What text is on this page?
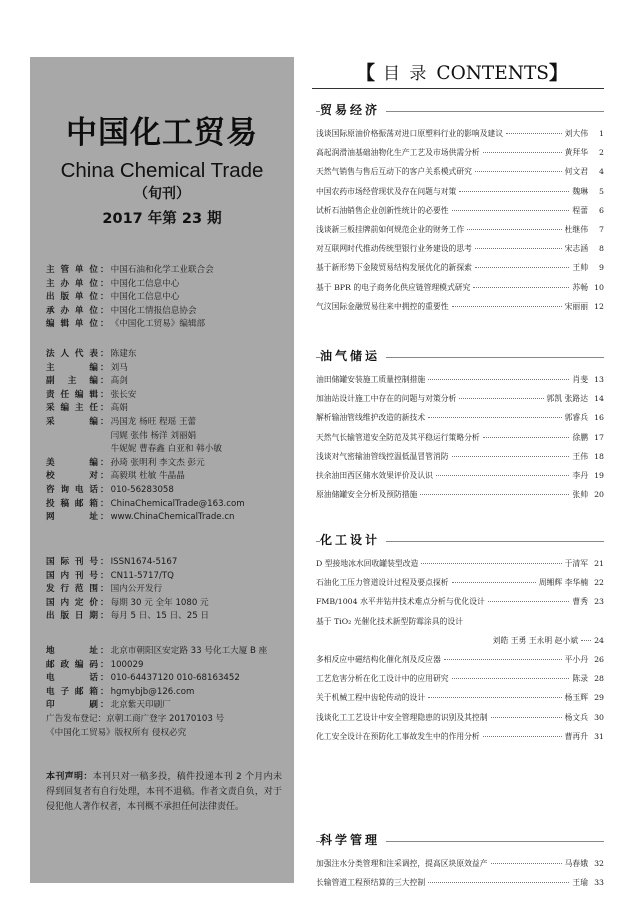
中国化工贸易
China Chemical Trade
（旬刊）
2017 年第 23 期
主管单位 ： 中国石油和化学工业联合会
主办单位 ： 中国化工信息中心
出版单位 ： 中国化工信息中心
承办单位 ： 中国化工情报信息协会
编辑单位 ： 《中国化工贸易》编辑部
法人代表 ： 陈建东
主编 ： 刘马
副主编 ： 高剑
责任编辑 ： 张长安
采编主任 ： 高娟
采编 ： 冯国龙 杨旺 程瑶 王蕾
闫娓 张伟 杨洋 刘丽娟
牛妮妮 曹春鑫 白亚和 韩小敏
美编 ： 孙琦 张明利 李文杰 彭元
校对 ： 高毅琪 杜敏 牛晶晶
咨询电话 ： 010-56283058
投稿邮箱 ： ChinaChemicalTrade@163.com
网址 ： www.ChinaChemicalTrade.cn
国际刊号 ： ISSN1674-5167
国内刊号 ： CN11-5717/TQ
发行范围 ： 国内公开发行
国内定价 ： 每期 30 元 全年 1080 元
出版日期 ： 每月 5 日、15 日、25 日
地址 ： 北京市朝阳区安定路 33 号化工大厦 B 座
邮政编码 ： 100029
电话 ： 010-64437120 010-68163452
电子邮箱 ： hgmybjb@126.com
印刷 ： 北京紫天印刷厂
广告发布登记：京朝工商广登字 20170103 号
《中国化工贸易》版权所有 侵权必究
本刊声明：本刊只对一稿多投，稿件投递本刊 2 个月内未得到回复者有自行处理，本刊不退稿。作者文责自负，对于侵犯他人著作权者，本刊概不承担任何法律责任。
【 目 录 CONTENTS】
贸易经济
浅谈国际原油价格振荡对进口原塑料行业的影响及建议	刘大伟	1
高起润滑油基础油物化生产工艺及市场供需分析	黄拜华	2
天然气销售与售后互动下的客户关系模式研究	何文君	4
中国农药市场经营现状及存在问题与对策	魏琳	5
试析石油销售企业创新性统计的必要性	程蕾	6
浅谈新三板挂牌前如何规范企业的财务工作	杜继伟	7
对互联网时代推动传统型银行业务建设的思考	宋志涵	8
基于新形势下金陵贸易结构发展优化的新探索	王帅	9
基于 BPR 的电子商务化供应链管理模式研究	苏畅 10
气汶国际金融贸易往来中拥控的重要性	宋丽丽 12
油气储运
油田储罐安装施工质量控制措施	肖斐 13
加油站设计施工中存在的问题与对策分析	郭凯 张路达 14
解析输油管线维护改造的新技术	郭睿兵 16
天然气长输管道安全防范及其平稳运行策略分析	徐鹏 17
浅谈对气密输油管线控温低温冒管消防	王伟 18
扶余油田西区储水效果评价及认识	李丹 19
原油储罐安全分析及预防措施	张帅 20
化工设计
D 型接地冰水回收罐装型改造	于清军 21
石油化工压力管道设计过程及要点探析	周缃辉 李华楠 22
FMB/1004 水平井钻井技术难点分析与优化设计	曹秀 23
基于 TiO₂ 光催化技术新型防霉涂具的设计
刘皓 王勇 王永明 赵小斌 24
多相反应中磁结构化催化剂及反应器	平小丹 26
工艺危害分析在化工设计中的应用研究	陈录 28
关于机械工程中齿轮传动的设计	杨玉辉 29
浅谈化工工艺设计中安全管理隐患的识别及其控制	杨文兵 30
化工安全设计在预防化工事故发生中的作用分析	曹再升 31
科学管理
加强注水分类管理和注采调控，提高区块原效益产	马春娥 32
长输管道工程预结算的三大控制	王瑜 33
